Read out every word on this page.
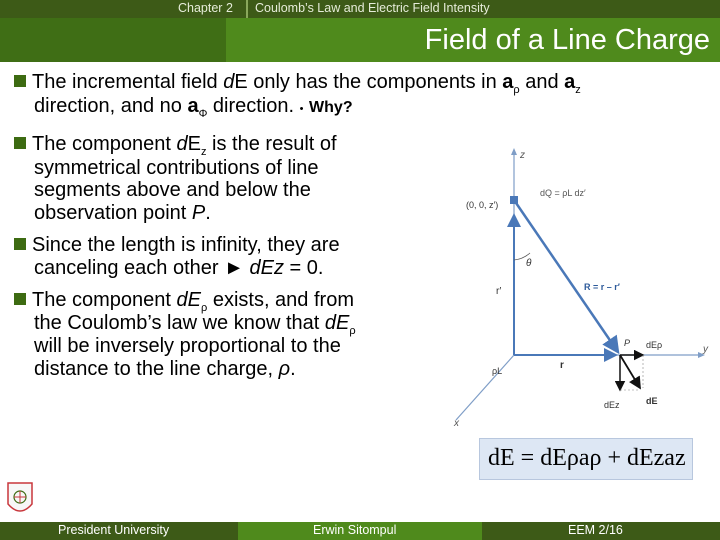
Chapter 2 Coulomb’s Law and Electric Field Intensity
Field of a Line Charge
The incremental field dE only has the components in $a_\rho$ and $a_z$
direction, and no $a_\Phi$ direction. • Why?
The component $dE_z$ is the result of
symmetrical contributions of line
segments above and below the
observation point P.
Since the length is infinity, they are
canceling each other ► dEz = 0.
The component $dE_\rho$ exists, and from
the Coulomb’s law we know that $dE_\rho$
will be inversely proportional to the
distance to the line charge, ρ.
z
y
x
dQ = ρL dz′
(0, 0, z′)
θ
r′	R = r – r′
P
r
ρL
dEρ
dEz	dE
dE = dEρaρ + dEzaz
President University	Erwin Sitompul	EEM 2/16
